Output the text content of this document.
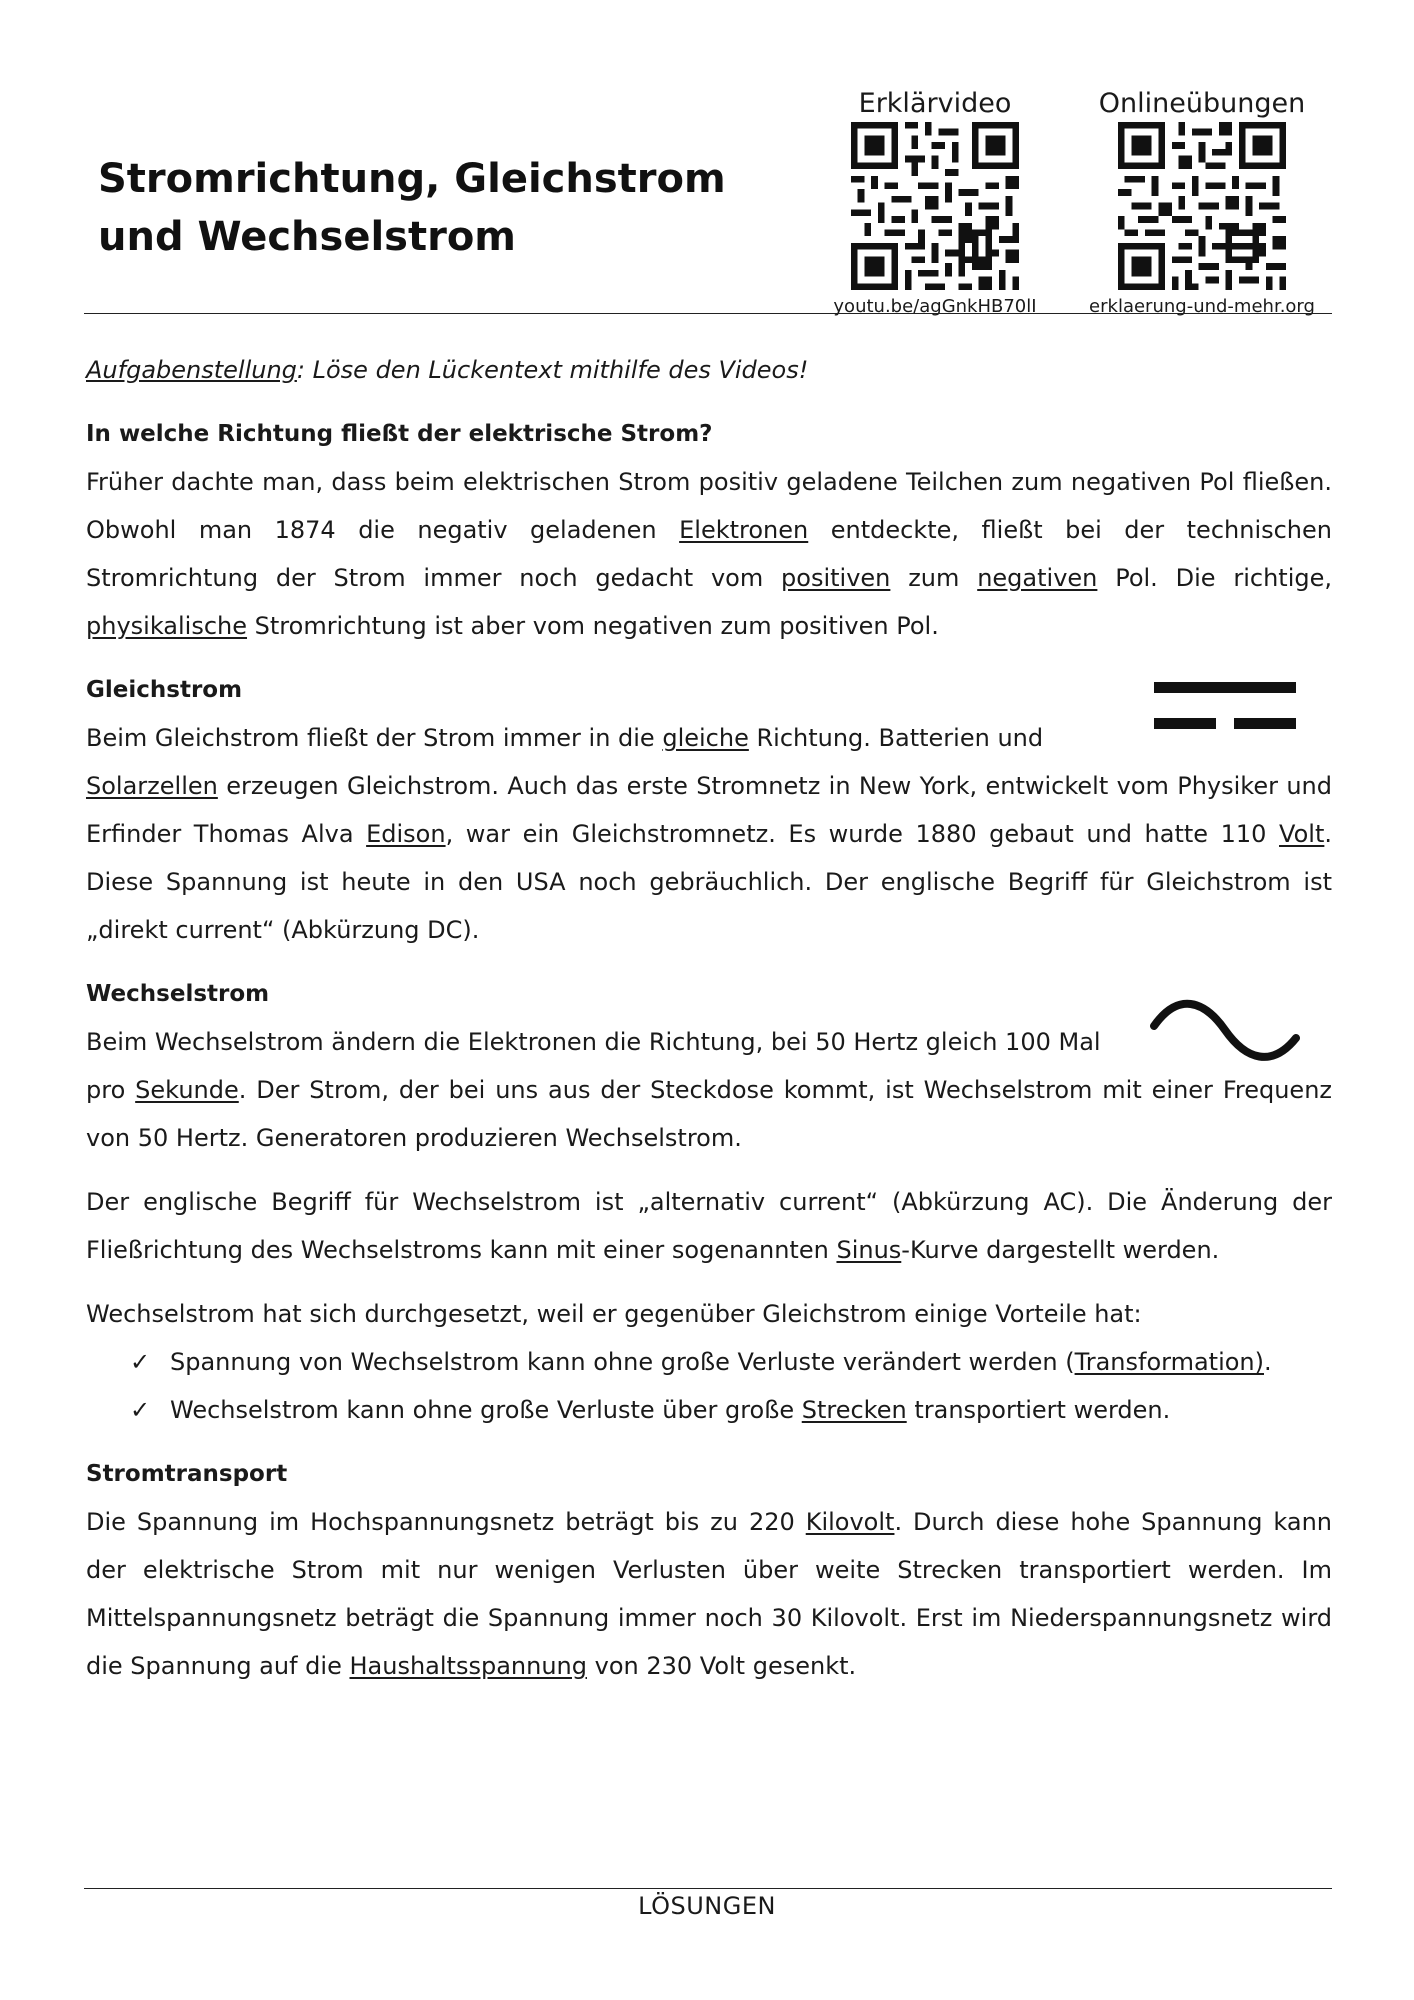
Stromrichtung, Gleichstrom und Wechselstrom
Erklärvideo
youtu.be/agGnkHB70lI
Onlineübungen
erklaerung-und-mehr.org

Aufgabenstellung: Löse den Lückentext mithilfe des Videos!

In welche Richtung fließt der elektrische Strom?

Früher dachte man, dass beim elektrischen Strom positiv geladene Teilchen zum negativen Pol fließen. Obwohl man 1874 die negativ geladenen Elektronen entdeckte, fließt bei der technischen Stromrichtung der Strom immer noch gedacht vom positiven zum negativen Pol. Die richtige, physikalische Stromrichtung ist aber vom negativen zum positiven Pol.

Gleichstrom

Beim Gleichstrom fließt der Strom immer in die gleiche Richtung. Batterien und

Solarzellen erzeugen Gleichstrom. Auch das erste Stromnetz in New York, entwickelt vom Physiker und Erfinder Thomas Alva Edison, war ein Gleichstromnetz. Es wurde 1880 gebaut und hatte 110 Volt. Diese Spannung ist heute in den USA noch gebräuchlich. Der englische Begriff für Gleichstrom ist „direkt current“ (Abkürzung DC).

Wechselstrom

Beim Wechselstrom ändern die Elektronen die Richtung, bei 50 Hertz gleich 100 Mal

pro Sekunde. Der Strom, der bei uns aus der Steckdose kommt, ist Wechselstrom mit einer Frequenz von 50 Hertz. Generatoren produzieren Wechselstrom.

Der englische Begriff für Wechselstrom ist „alternativ current“ (Abkürzung AC). Die Änderung der Fließrichtung des Wechselstroms kann mit einer sogenannten Sinus-Kurve dargestellt werden.

Wechselstrom hat sich durchgesetzt, weil er gegenüber Gleichstrom einige Vorteile hat:

✓ Spannung von Wechselstrom kann ohne große Verluste verändert werden (Transformation).
✓ Wechselstrom kann ohne große Verluste über große Strecken transportiert werden.

Stromtransport

Die Spannung im Hochspannungsnetz beträgt bis zu 220 Kilovolt. Durch diese hohe Spannung kann der elektrische Strom mit nur wenigen Verlusten über weite Strecken transportiert werden. Im Mittelspannungsnetz beträgt die Spannung immer noch 30 Kilovolt. Erst im Niederspannungsnetz wird die Spannung auf die Haushaltsspannung von 230 Volt gesenkt.

LÖSUNGEN
